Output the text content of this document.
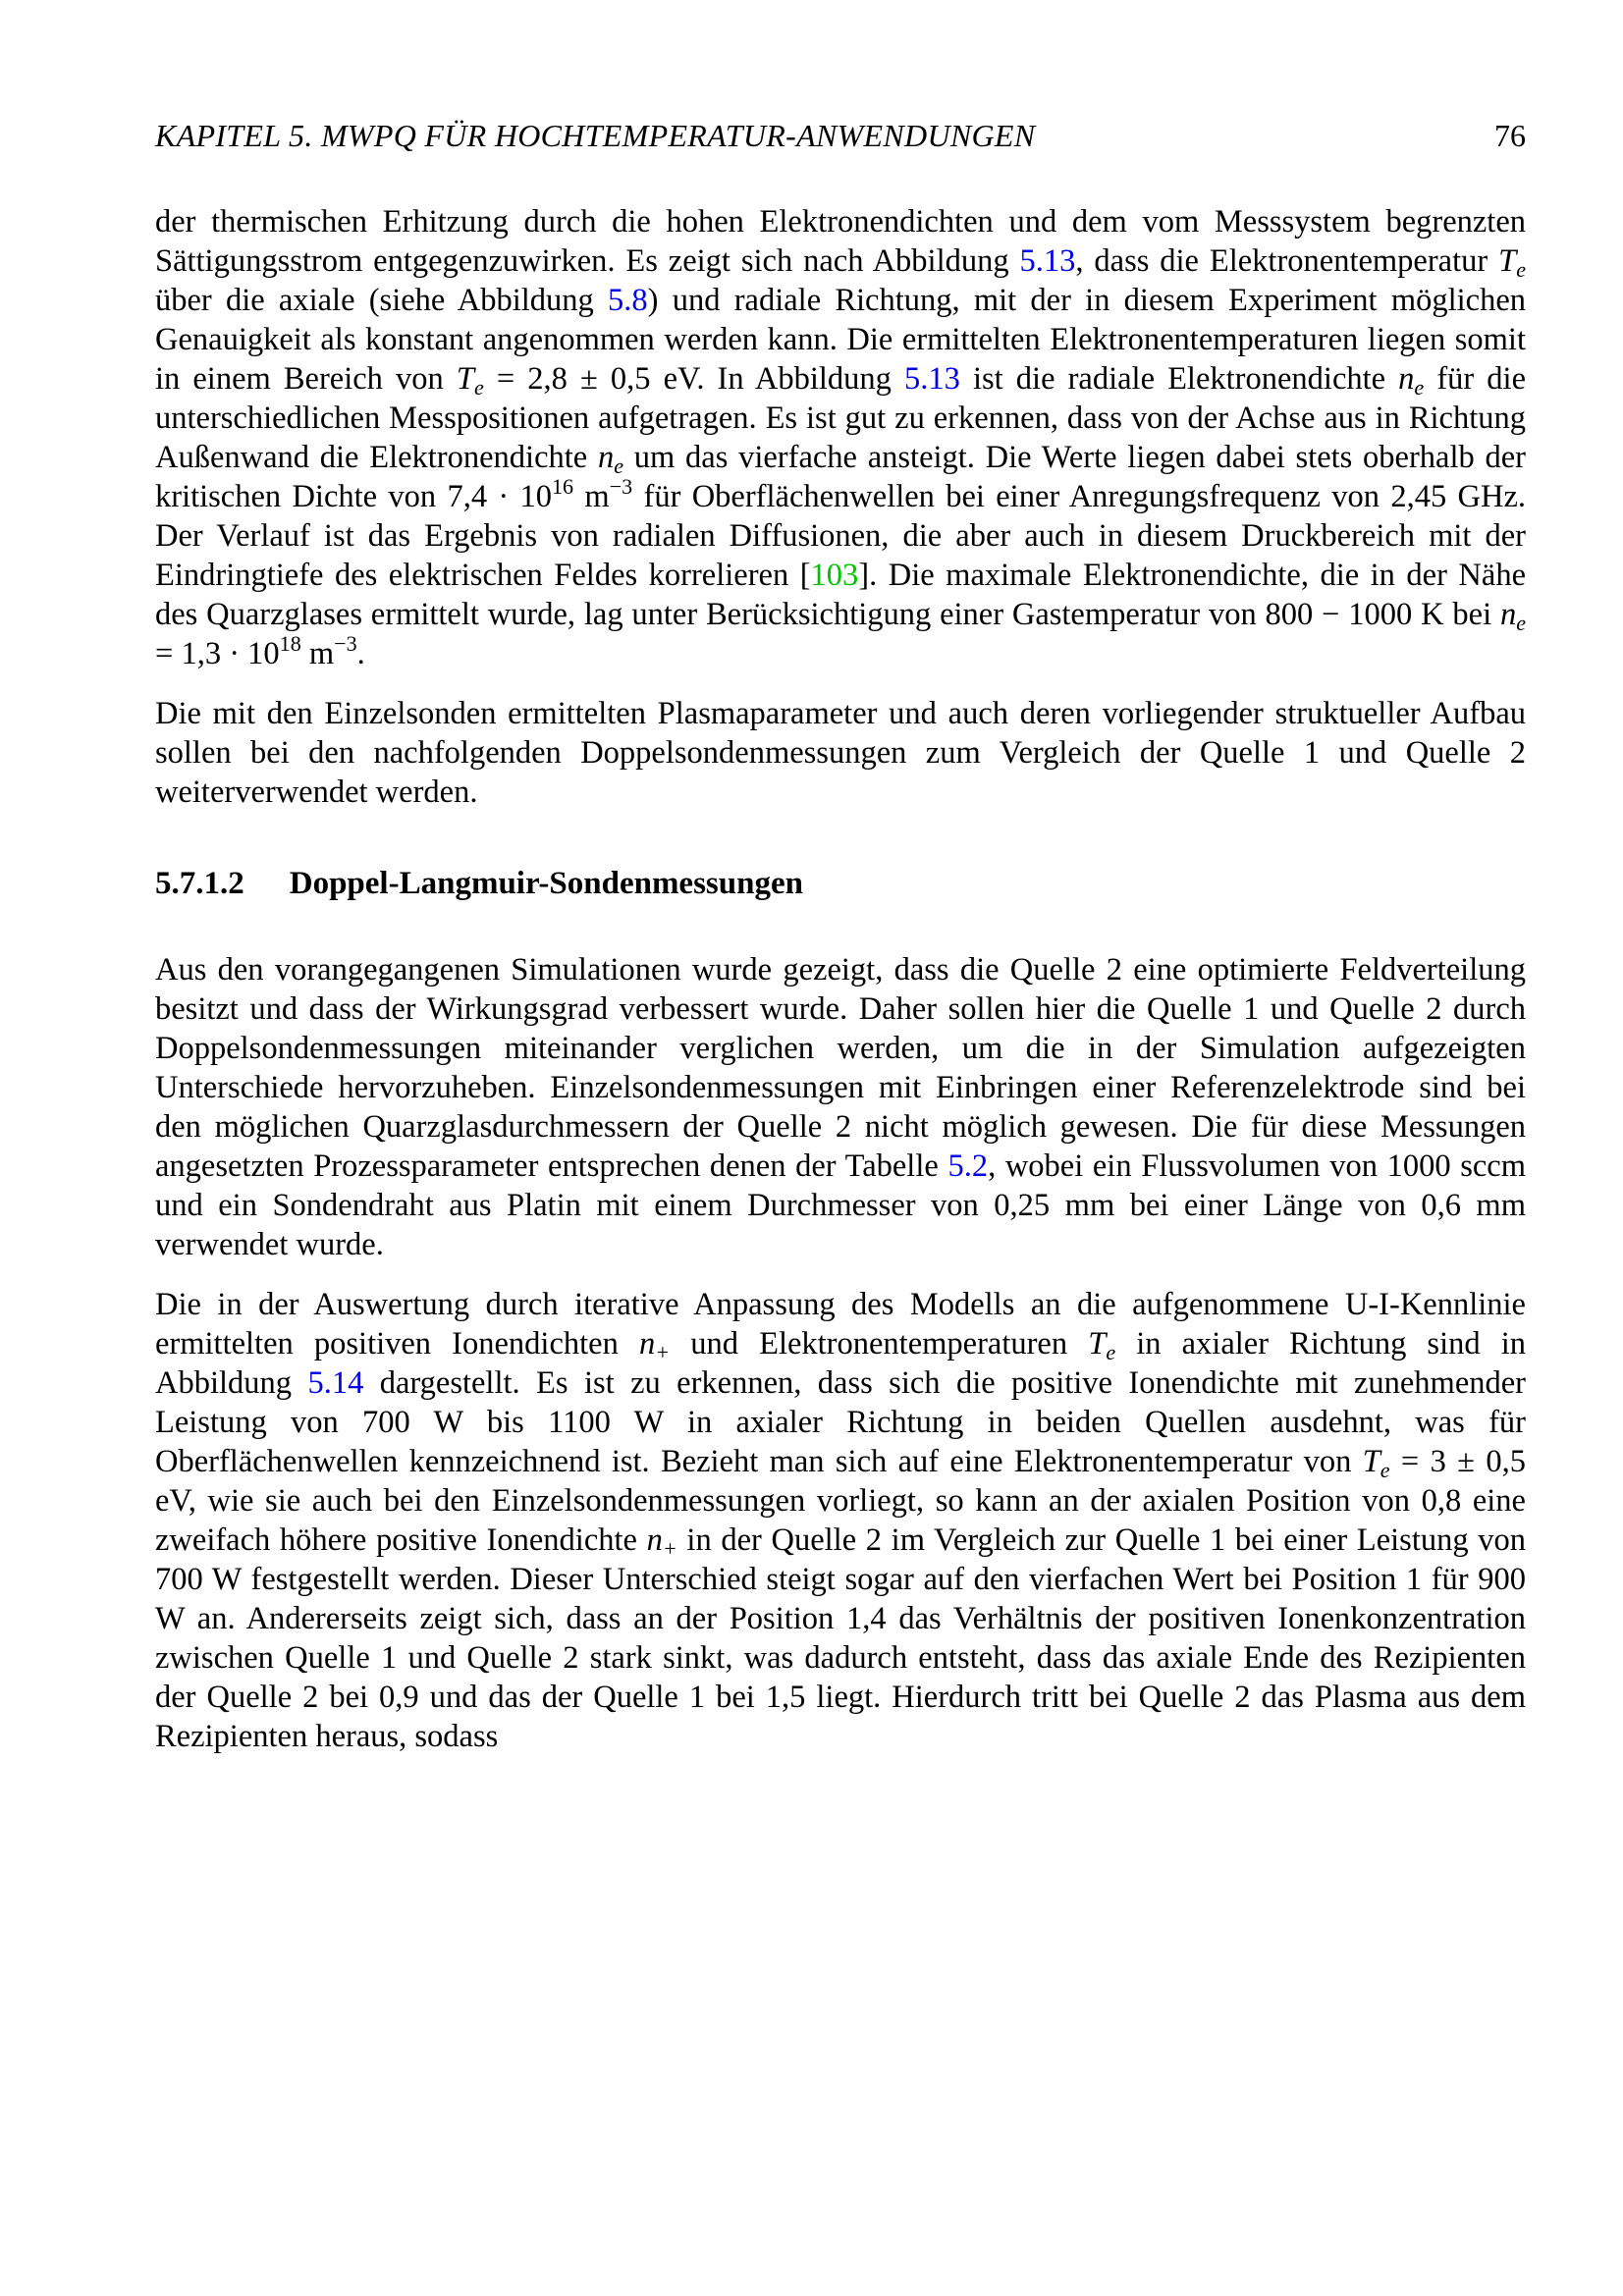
KAPITEL 5. MWPQ FÜR HOCHTEMPERATUR-ANWENDUNGEN	76

der thermischen Erhitzung durch die hohen Elektronendichten und dem vom Messsystem begrenzten Sättigungsstrom entgegenzuwirken. Es zeigt sich nach Abbildung 5.13, dass die Elektronentemperatur Te über die axiale (siehe Abbildung 5.8) und radiale Richtung, mit der in diesem Experiment möglichen Genauigkeit als konstant angenommen werden kann. Die ermittelten Elektronentemperaturen liegen somit in einem Bereich von Te = 2,8 ± 0,5 eV. In Abbildung 5.13 ist die radiale Elektronendichte ne für die unterschiedlichen Messpositionen aufgetragen. Es ist gut zu erkennen, dass von der Achse aus in Richtung Außenwand die Elektronendichte ne um das vierfache ansteigt. Die Werte liegen dabei stets oberhalb der kritischen Dichte von $7,4 \cdot 10^{16}$ $m^{-3}$ für Oberflächenwellen bei einer Anregungsfrequenz von 2,45 GHz. Der Verlauf ist das Ergebnis von radialen Diffusionen, die aber auch in diesem Druckbereich mit der Eindringtiefe des elektrischen Feldes korrelieren [103]. Die maximale Elektronendichte, die in der Nähe des Quarzglases ermittelt wurde, lag unter Berücksichtigung einer Gastemperatur von 800 − 1000 K bei ne = $1,3 \cdot 10^{18}$ $m^{-3}$.

Die mit den Einzelsonden ermittelten Plasmaparameter und auch deren vorliegender struktueller Aufbau sollen bei den nachfolgenden Doppelsondenmessungen zum Vergleich der Quelle 1 und Quelle 2 weiterverwendet werden.

5.7.1.2 Doppel-Langmuir-Sondenmessungen

Aus den vorangegangenen Simulationen wurde gezeigt, dass die Quelle 2 eine optimierte Feldverteilung besitzt und dass der Wirkungsgrad verbessert wurde. Daher sollen hier die Quelle 1 und Quelle 2 durch Doppelsondenmessungen miteinander verglichen werden, um die in der Simulation aufgezeigten Unterschiede hervorzuheben. Einzelsondenmessungen mit Einbringen einer Referenzelektrode sind bei den möglichen Quarzglasdurchmessern der Quelle 2 nicht möglich gewesen. Die für diese Messungen angesetzten Prozessparameter entsprechen denen der Tabelle 5.2, wobei ein Flussvolumen von 1000 sccm und ein Sondendraht aus Platin mit einem Durchmesser von 0,25 mm bei einer Länge von 0,6 mm verwendet wurde.

Die in der Auswertung durch iterative Anpassung des Modells an die aufgenommene U-I-Kennlinie ermittelten positiven Ionendichten n+ und Elektronentemperaturen Te in axialer Richtung sind in Abbildung 5.14 dargestellt. Es ist zu erkennen, dass sich die positive Ionendichte mit zunehmender Leistung von 700 W bis 1100 W in axialer Richtung in beiden Quellen ausdehnt, was für Oberflächenwellen kennzeichnend ist. Bezieht man sich auf eine Elektronentemperatur von Te = 3 ± 0,5 eV, wie sie auch bei den Einzelsondenmessungen vorliegt, so kann an der axialen Position von 0,8 eine zweifach höhere positive Ionendichte n+ in der Quelle 2 im Vergleich zur Quelle 1 bei einer Leistung von 700 W festgestellt werden. Dieser Unterschied steigt sogar auf den vierfachen Wert bei Position 1 für 900 W an. Andererseits zeigt sich, dass an der Position 1,4 das Verhältnis der positiven Ionenkonzentration zwischen Quelle 1 und Quelle 2 stark sinkt, was dadurch entsteht, dass das axiale Ende des Rezipienten der Quelle 2 bei 0,9 und das der Quelle 1 bei 1,5 liegt. Hierdurch tritt bei Quelle 2 das Plasma aus dem Rezipienten heraus, sodass
